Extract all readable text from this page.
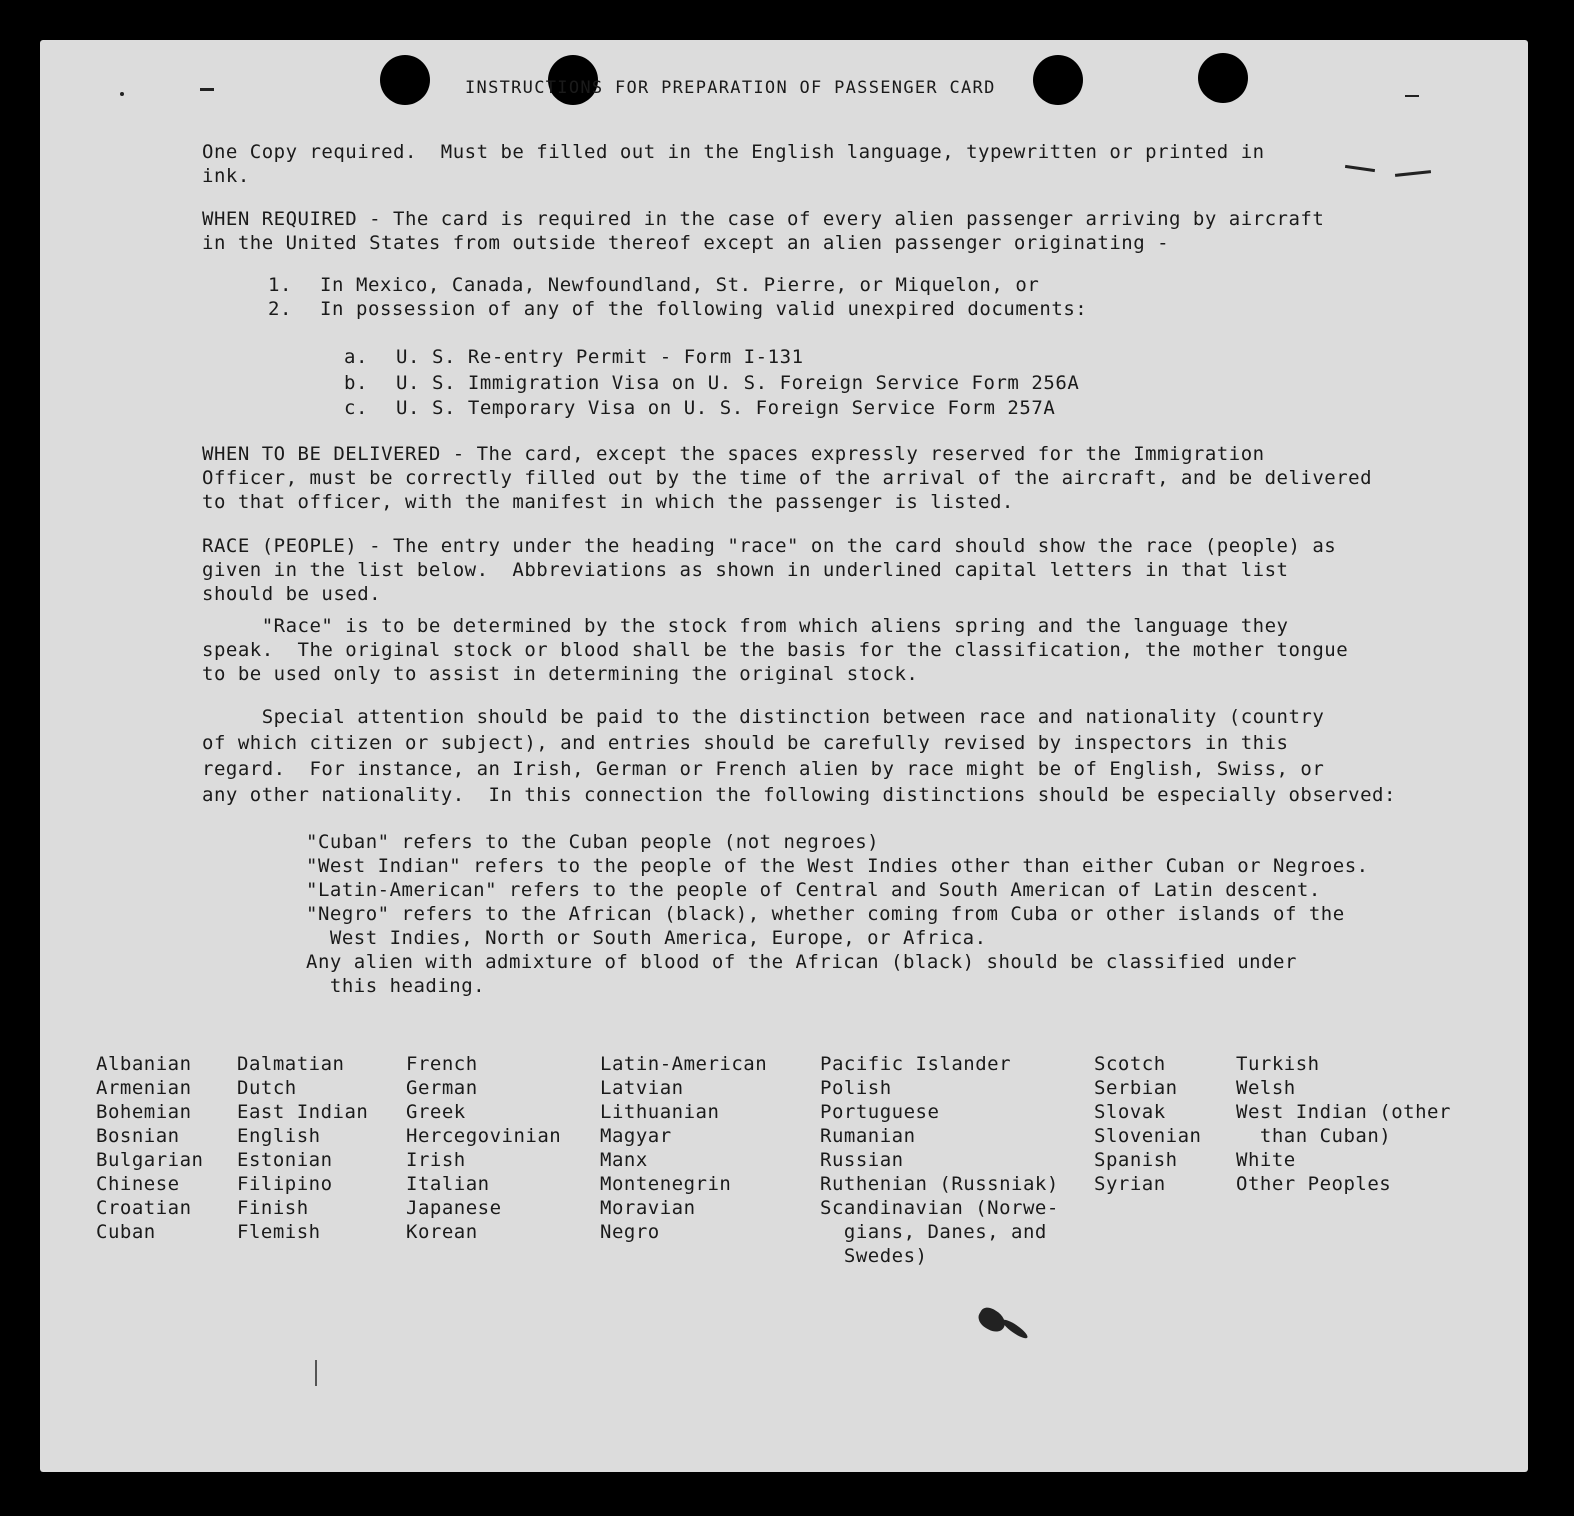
INSTRUCTIONS FOR PREPARATION OF PASSENGER CARD
One Copy required.  Must be filled out in the English language, typewritten or printed in
ink.
WHEN REQUIRED - The card is required in the case of every alien passenger arriving by aircraft
in the United States from outside thereof except an alien passenger originating -
1. In Mexico, Canada, Newfoundland, St. Pierre, or Miquelon, or
2. In possession of any of the following valid unexpired documents:
a. U. S. Re-entry Permit - Form I-131
b. U. S. Immigration Visa on U. S. Foreign Service Form 256A
c. U. S. Temporary Visa on U. S. Foreign Service Form 257A
WHEN TO BE DELIVERED - The card, except the spaces expressly reserved for the Immigration
Officer, must be correctly filled out by the time of the arrival of the aircraft, and be delivered
to that officer, with the manifest in which the passenger is listed.
RACE (PEOPLE) - The entry under the heading "race" on the card should show the race (people) as
given in the list below.  Abbreviations as shown in underlined capital letters in that list
should be used.
"Race" is to be determined by the stock from which aliens spring and the language they
speak.  The original stock or blood shall be the basis for the classification, the mother tongue
to be used only to assist in determining the original stock.
Special attention should be paid to the distinction between race and nationality (country
of which citizen or subject), and entries should be carefully revised by inspectors in this
regard.  For instance, an Irish, German or French alien by race might be of English, Swiss, or
any other nationality.  In this connection the following distinctions should be especially observed:
"Cuban" refers to the Cuban people (not negroes)
"West Indian" refers to the people of the West Indies other than either Cuban or Negroes.
"Latin-American" refers to the people of Central and South American of Latin descent.
"Negro" refers to the African (black), whether coming from Cuba or other islands of the
West Indies, North or South America, Europe, or Africa.
Any alien with admixture of blood of the African (black) should be classified under
this heading.
Albanian
Armenian
Bohemian
Bosnian
Bulgarian
Chinese
Croatian
Cuban
Dalmatian
Dutch
East Indian
English
Estonian
Filipino
Finish
Flemish
French
German
Greek
Hercegovinian
Irish
Italian
Japanese
Korean
Latin-American
Latvian
Lithuanian
Magyar
Manx
Montenegrin
Moravian
Negro
Pacific Islander
Polish
Portuguese
Rumanian
Russian
Ruthenian (Russniak)
Scandinavian (Norwe-
gians, Danes, and
Swedes)
Scotch
Serbian
Slovak
Slovenian
Spanish
Syrian
Turkish
Welsh
West Indian (other
than Cuban)
White
Other Peoples
